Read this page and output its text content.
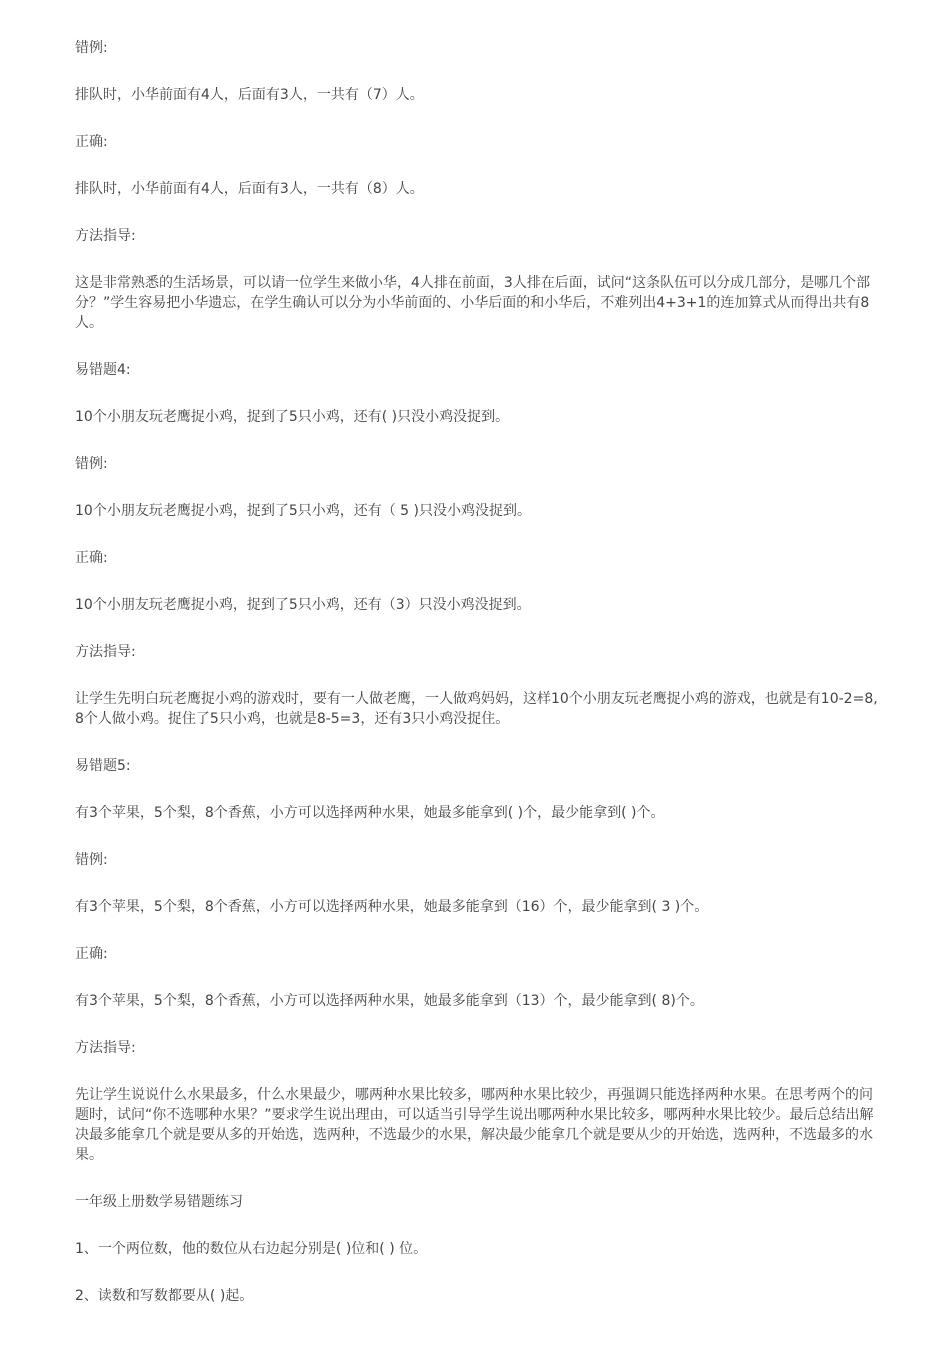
错例:

排队时，小华前面有4人，后面有3人，一共有（7）人。

正确:

排队时，小华前面有4人，后面有3人，一共有（8）人。

方法指导:

这是非常熟悉的生活场景，可以请一位学生来做小华，4人排在前面，3人排在后面，试问“这条队伍可以分成几部分，是哪几个部分？”学生容易把小华遗忘，在学生确认可以分为小华前面的、小华后面的和小华后，不难列出4+3+1的连加算式从而得出共有8人。

易错题4:

10个小朋友玩老鹰捉小鸡，捉到了5只小鸡，还有( )只没小鸡没捉到。

错例:

10个小朋友玩老鹰捉小鸡，捉到了5只小鸡，还有（ 5 )只没小鸡没捉到。

正确:

10个小朋友玩老鹰捉小鸡，捉到了5只小鸡，还有（3）只没小鸡没捉到。

方法指导:

让学生先明白玩老鹰捉小鸡的游戏时，要有一人做老鹰，一人做鸡妈妈，这样10个小朋友玩老鹰捉小鸡的游戏，也就是有10-2=8,8个人做小鸡。捉住了5只小鸡，也就是8-5=3，还有3只小鸡没捉住。

易错题5:

有3个苹果，5个梨，8个香蕉，小方可以选择两种水果，她最多能拿到( )个，最少能拿到( )个。

错例:

有3个苹果，5个梨，8个香蕉，小方可以选择两种水果，她最多能拿到（16）个，最少能拿到( 3 )个。

正确:

有3个苹果，5个梨，8个香蕉，小方可以选择两种水果，她最多能拿到（13）个，最少能拿到( 8)个。

方法指导:

先让学生说说什么水果最多，什么水果最少，哪两种水果比较多，哪两种水果比较少，再强调只能选择两种水果。在思考两个的问题时，试问“你不选哪种水果？”要求学生说出理由，可以适当引导学生说出哪两种水果比较多，哪两种水果比较少。最后总结出解决最多能拿几个就是要从多的开始选，选两种，不选最少的水果，解决最少能拿几个就是要从少的开始选，选两种，不选最多的水果。

一年级上册数学易错题练习

1、一个两位数，他的数位从右边起分别是( )位和( ) 位。

2、读数和写数都要从( )起。
